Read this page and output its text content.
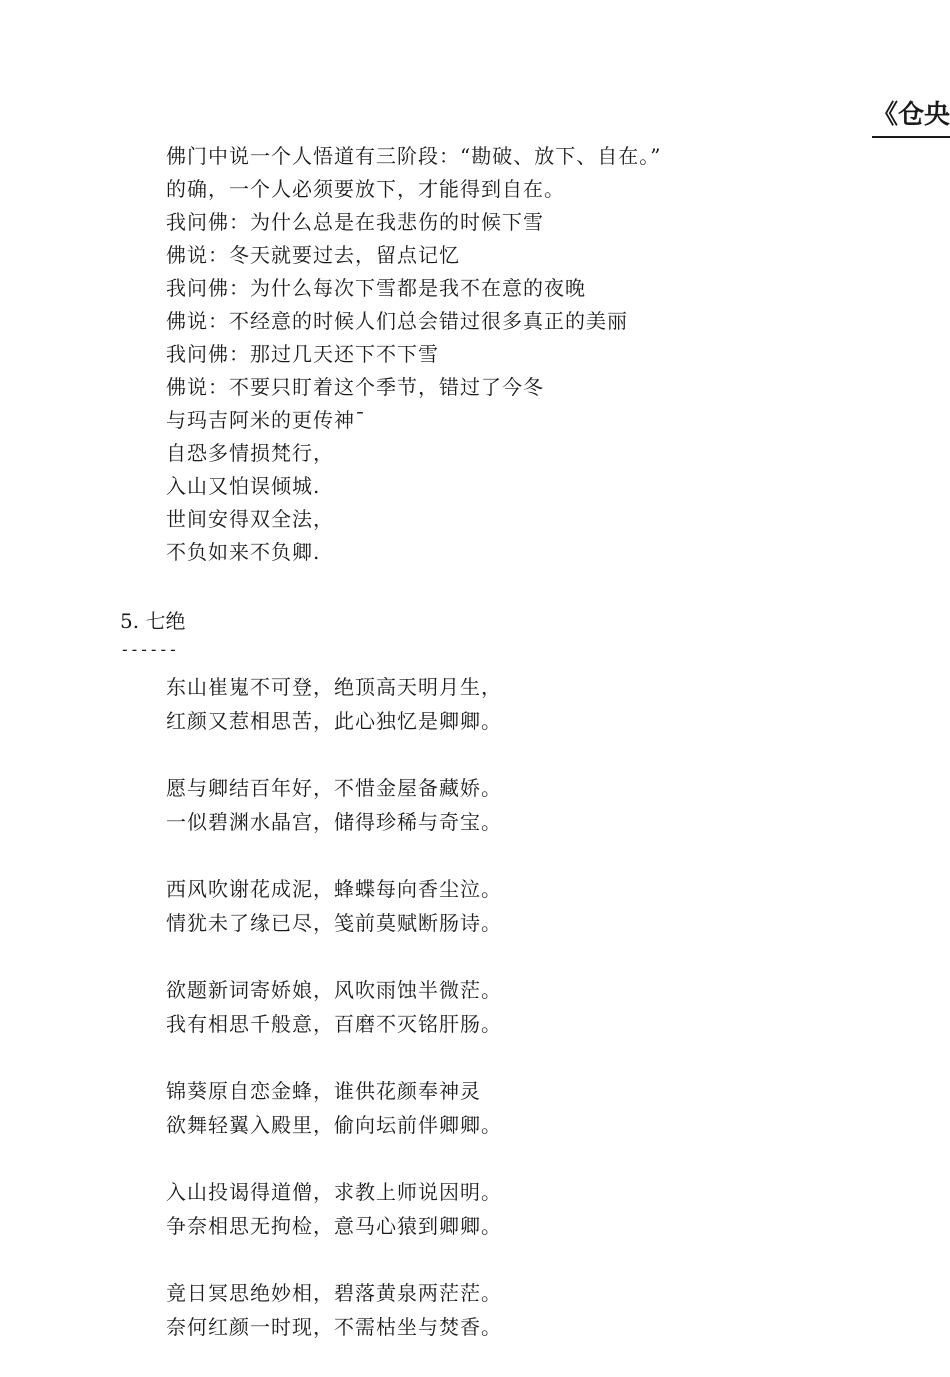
《仓央
佛门中说一个人悟道有三阶段：“勘破、放下、自在。”
的确，一个人必须要放下，才能得到自在。
我问佛：为什么总是在我悲伤的时候下雪
佛说：冬天就要过去，留点记忆
我问佛：为什么每次下雪都是我不在意的夜晚
佛说：不经意的时候人们总会错过很多真正的美丽
我问佛：那过几天还下不下雪
佛说：不要只盯着这个季节，错过了今冬
与玛吉阿米的更传神¯
自恐多情损梵行，
入山又怕误倾城.
世间安得双全法，
不负如来不负卿.
5. 七绝
------
东山崔嵬不可登，绝顶高天明月生，
红颜又惹相思苦，此心独忆是卿卿。
愿与卿结百年好，不惜金屋备藏娇。
一似碧渊水晶宫，储得珍稀与奇宝。
西风吹谢花成泥，蜂蝶每向香尘泣。
情犹未了缘已尽，笺前莫赋断肠诗。
欲题新词寄娇娘，风吹雨蚀半微茫。
我有相思千般意，百磨不灭铭肝肠。
锦葵原自恋金蜂，谁供花颜奉神灵
欲舞轻翼入殿里，偷向坛前伴卿卿。
入山投谒得道僧，求教上师说因明。
争奈相思无拘检，意马心猿到卿卿。
竟日冥思绝妙相，碧落黄泉两茫茫。
奈何红颜一时现，不需枯坐与焚香。
